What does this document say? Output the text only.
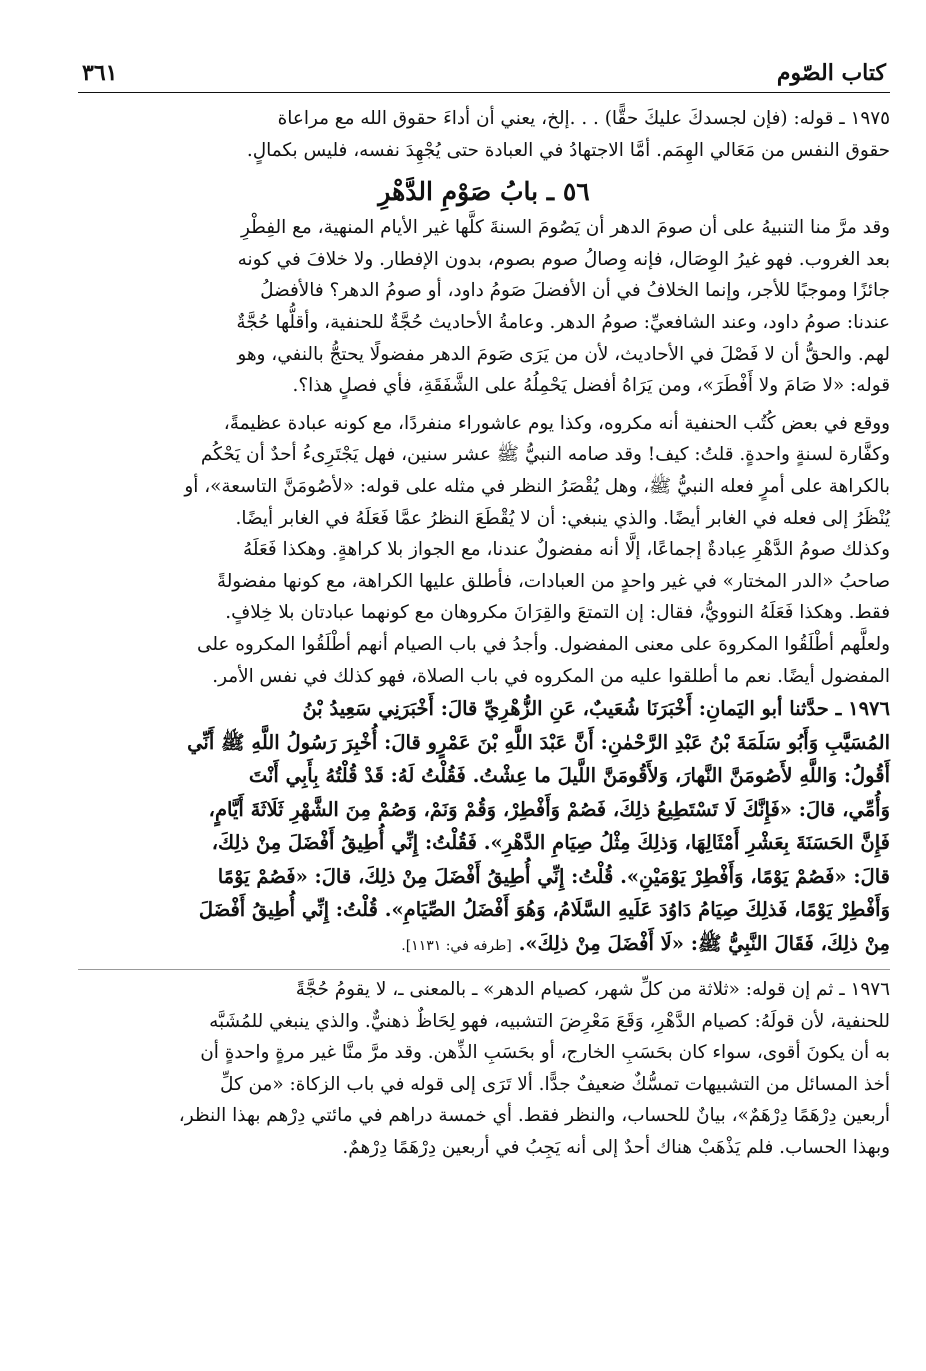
كتاب الصّوم
٣٦١

١٩٧٥ ـ قوله: (فإن لجسدكَ عليكَ حقًّا) . . .إلخ، يعني أن أداءَ حقوق الله مع مراعاة

حقوق النفس من مَعَالي الهِمَم. أمَّا الاجتهادُ في العبادة حتى يُجْهِدَ نفسه، فليس بكمالٍ.

٥٦ ـ بابُ صَوْمِ الدَّهْرِ

وقد مرَّ منا التنبيهُ على أن صومَ الدهر أن يَصُومَ السنةَ كلَّها غير الأيام المنهية، مع الفِطْرِ

بعد الغروب. فهو غيرُ الوِصَال، فإنه وِصالُ صوم بصوم، بدون الإفطار. ولا خلافَ في كونه

جائزًا وموجبًا للأجر، وإنما الخلافُ في أن الأفضلَ صَومُ داود، أو صومُ الدهر؟ فالأفضلُ

عندنا: صومُ داود، وعند الشافعيِّ: صومُ الدهر. وعامةُ الأحاديث حُجَّةٌ للحنفية، وأقلُّها حُجَّةٌ

لهم. والحقُّ أن لا فَصْلَ في الأحاديث، لأن من يَرَى صَومَ الدهر مفضولًا يحتجُّ بالنفي، وهو

قوله: «لا صَامَ ولا أَفْطَرَ»، ومن يَرَاهُ أفضل يَحْمِلُهُ على الشَّفَقَةِ، فأي فصلٍ هذا؟.

ووقع في بعض كُتُب الحنفية أنه مكروه، وكذا يوم عاشوراء منفردًا، مع كونه عبادة عظيمةً،

وكفَّارة لسنةٍ واحدةٍ. قلتُ: كيف! وقد صامه النبيُّ ﷺ عشر سنين، فهل يَجْتَرِىءُ أحدٌ أن يَحْكُم

بالكراهة على أمرٍ فعله النبيُّ ﷺ، وهل يُقْصَرُ النظر في مثله على قوله: «لأصُومَنَّ التاسعة»، أو

يُنْظَرُ إلى فعله في الغابر أيضًا. والذي ينبغي: أن لا يُقْطَعَ النظرُ عمَّا فَعَلَهُ في الغابر أيضًا.

وكذلك صومُ الدَّهْرِ عِبادةٌ إجماعًا، إلَّا أنه مفضولٌ عندنا، مع الجواز بلا كراهةٍ. وهكذا فَعَلَهُ

صاحبُ «الدر المختار» في غير واحدٍ من العبادات، فأطلق عليها الكراهة، مع كونها مفضولةً

فقط. وهكذا فَعَلَهُ النوويُّ، فقال: إن التمتعَ والقِرَانَ مكروهان مع كونهما عبادتان بلا خِلافٍ.

ولعلَّهم أطْلَقُوا المكروهَ على معنى المفضول. وأجدُ في باب الصيام أنهم أطْلَقُوا المكروه على

المفضول أيضًا. نعم ما أطلقوا عليه من المكروه في باب الصلاة، فهو كذلك في نفس الأمر.

١٩٧٦ ـ حدَّثنا أبو اليَمانِ: أَخْبَرَنَا شُعَيبٌ، عَنِ الزُّهْرِيِّ قالَ: أَخْبَرَنِي سَعِيدُ بْنُ

المُسَيَّبِ وَأَبُو سَلَمَةَ بْنُ عَبْدِ الرَّحْمٰنِ: أَنَّ عَبْدَ اللَّهِ بْنَ عَمْرٍو قالَ: أُخْبِرَ رَسُولُ اللَّهِ ﷺ أَنِّي

أَقُولُ: وَاللَّهِ لأَصُومَنَّ النَّهارَ، وَلأَقُومَنَّ اللَّيلَ ما عِشْتُ. فَقُلْتُ لَهُ: قَدْ قُلْتُهُ بِأَبِي أَنْتَ

وَأُمِّي، قالَ: «فَإِنَّكَ لَا تَسْتَطِيعُ ذلِكَ، فَصُمْ وَأَفْطِرْ، وَقُمْ وَنَمْ، وَصُمْ مِنَ الشَّهْرِ ثَلَاثَةَ أَيَّامٍ،

فَإِنَّ الحَسَنَةَ بِعَشْرِ أَمْثَالِهَا، وَذلِكَ مِثْلُ صِيَامِ الدَّهْرِ». فَقُلْتُ: إِنِّي أُطِيقُ أَفْضَلَ مِنْ ذلِكَ،

قالَ: «فَصُمْ يَوْمًا، وَأَفْطِرْ يَوْمَيْنِ». قُلْتُ: إِنِّي أُطِيقُ أَفْضَلَ مِنْ ذلِكَ، قالَ: «فَصُمْ يَوْمًا

وَأَفْطِرْ يَوْمًا، فَذلِكَ صِيَامُ دَاوُدَ عَلَيهِ السَّلَامُ، وَهُوَ أَفْضَلُ الصِّيَامِ». قُلْتُ: إِنِّي أُطِيقُ أَفْضَلَ

مِنْ ذلِكَ، فَقَالَ النَّبِيُّ ﷺ: «لَا أَفْضَلَ مِنْ ذلِكَ». [طرفه في: ١١٣١].

١٩٧٦ ـ ثم إن قوله: «ثلاثة من كلِّ شهر، كصيام الدهر» ـ بالمعنى ـ، لا يقومُ حُجَّةً

للحنفية، لأن قولَهُ: كصيام الدَّهْرِ، وَقَعَ مَعْرِضَ التشبيه، فهو لِحَاظٌ ذهنيٌّ. والذي ينبغي للمُشَبَّه

به أن يكونَ أقوى، سواء كان بحَسَبِ الخارج، أو بحَسَبِ الذِّهن. وقد مرَّ منَّا غير مرةٍ واحدةٍ أن

أخذ المسائل من التشبيهات تمسُّكٌ ضعيفٌ جدًّا. ألا تَرَى إلى قوله في باب الزكاة: «من كلِّ

أربعين دِرْهَمًا دِرْهَمٌ»، بيانٌ للحساب، والنظر فقط. أي خمسة دراهم في مائتي دِرْهم بهذا النظر،

وبهذا الحساب. فلم يَذْهَبْ هناك أحدٌ إلى أنه يَجِبُ في أربعين دِرْهَمًا دِرْهمٌ.
